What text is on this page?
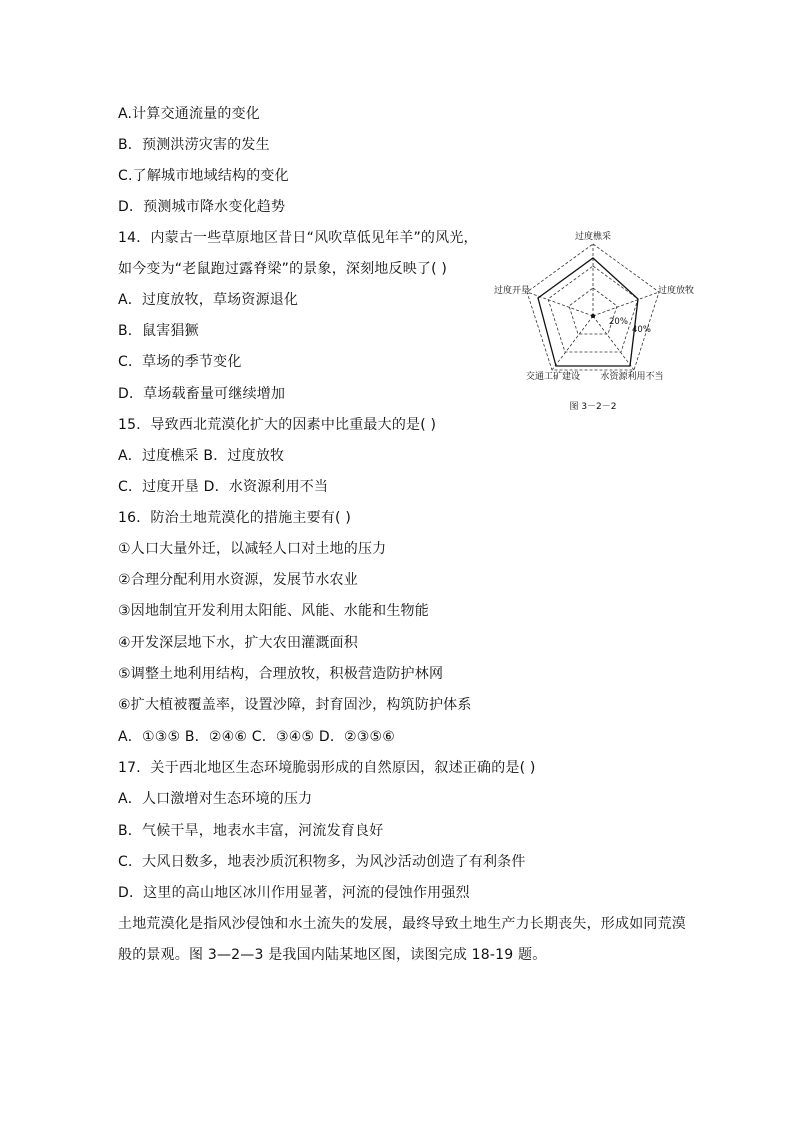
A.计算交通流量的变化
B．预测洪涝灾害的发生
C.了解城市地域结构的变化
D．预测城市降水变化趋势
14．内蒙古一些草原地区昔日“风吹草低见年羊”的风光，
如今变为“老鼠跑过露脊梁”的景象，深刻地反映了( )
A．过度放牧，草场资源退化
B．鼠害猖獗
C．草场的季节变化
D．草场载畜量可继续增加
15．导致西北荒漠化扩大的因素中比重最大的是( )
A．过度樵采 B．过度放牧
C．过度开垦 D．水资源利用不当
16．防治土地荒漠化的措施主要有( )
①人口大量外迁，以减轻人口对土地的压力
②合理分配利用水资源，发展节水农业
③因地制宜开发利用太阳能、风能、水能和生物能
④开发深层地下水，扩大农田灌溉面积
⑤调整土地利用结构，合理放牧，积极营造防护林网
⑥扩大植被覆盖率，设置沙障，封育固沙，构筑防护体系
A．①③⑤ B．②④⑥ C．③④⑤ D．②③⑤⑥
17．关于西北地区生态环境脆弱形成的自然原因，叙述正确的是( )
A．人口激增对生态环境的压力
B．气候干旱，地表水丰富，河流发育良好
C．大风日数多，地表沙质沉积物多，为风沙活动创造了有利条件
D．这里的高山地区冰川作用显著，河流的侵蚀作用强烈
土地荒漠化是指风沙侵蚀和水土流失的发展，最终导致土地生产力长期丧失，形成如同荒漠
般的景观。图 3—2—3 是我国内陆某地区图，读图完成 18-19 题。
过度樵采
过度放牧
水资源利用不当
交通工矿建设
过度开垦
20%
40%
图 3－2－2
